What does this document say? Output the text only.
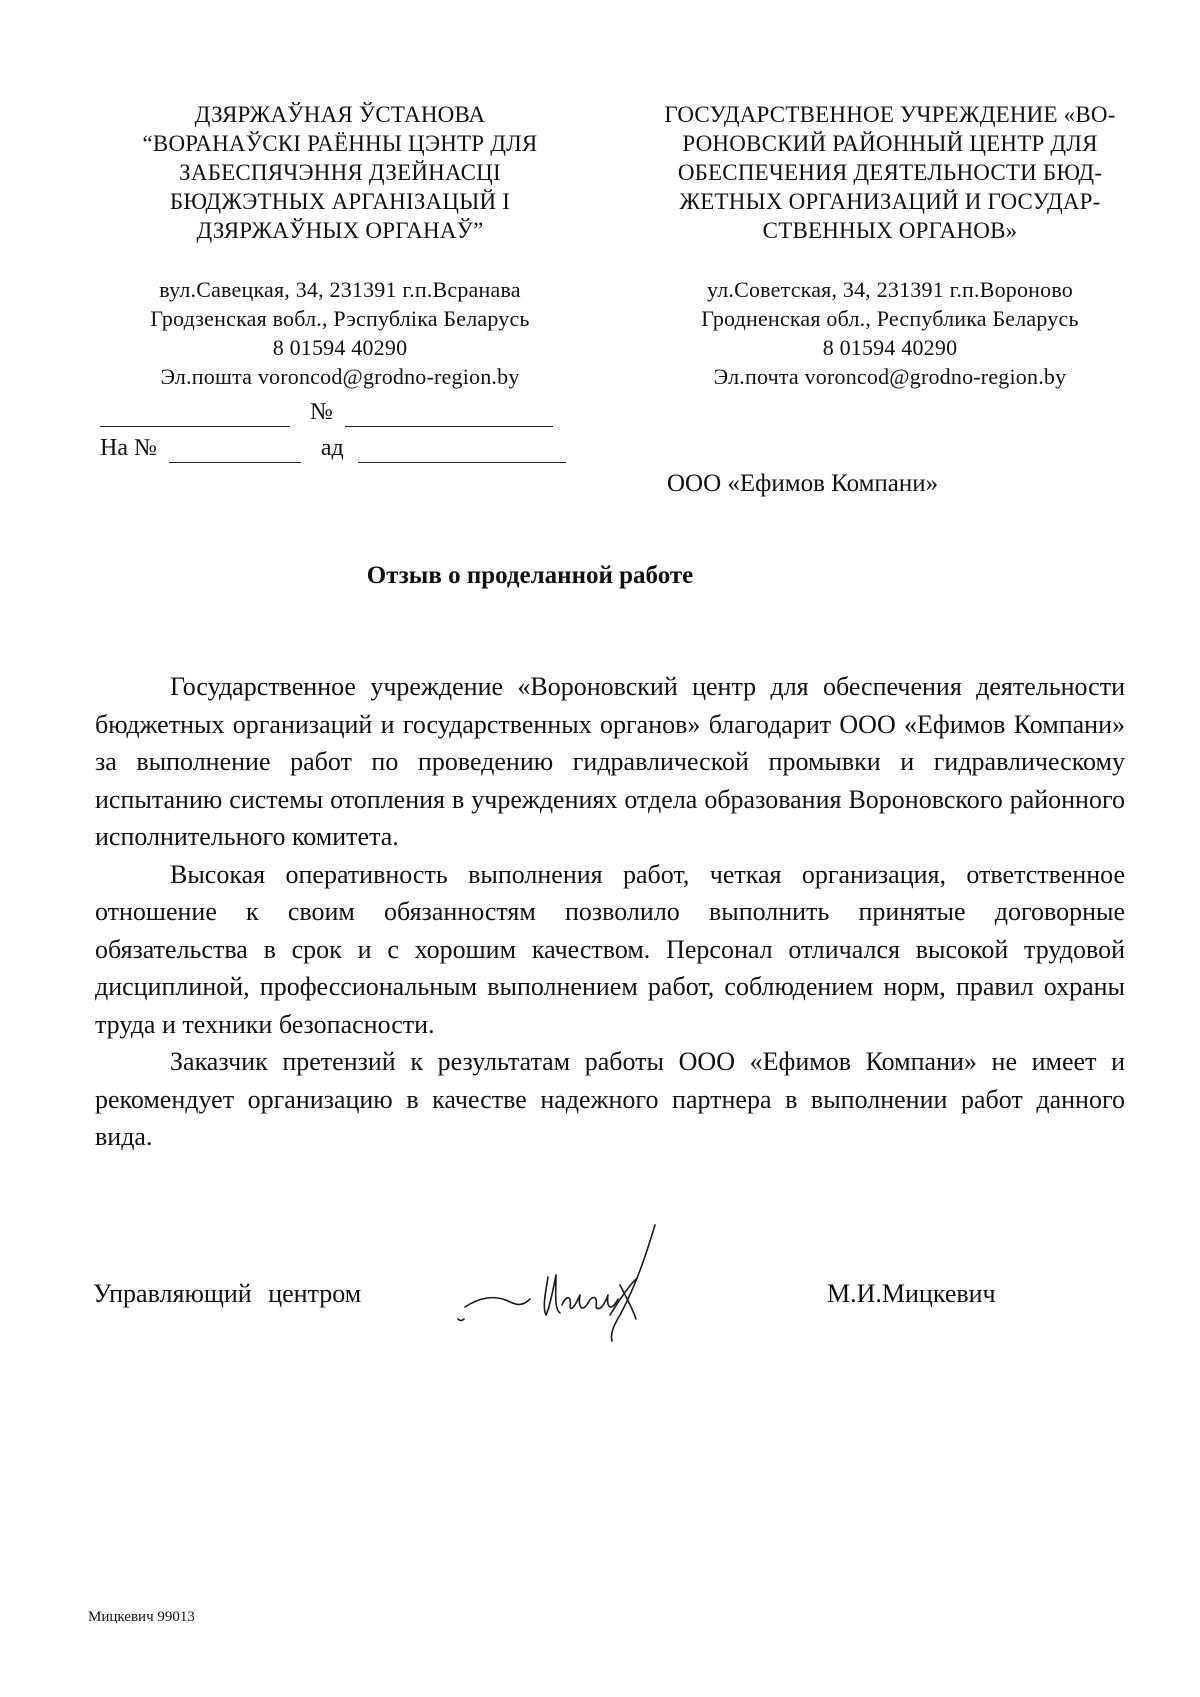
ДЗЯРЖАЎНАЯ ЎСТАНОВА
“ВОРАНАЎСКІ РАЁННЫ ЦЭНТР ДЛЯ
ЗАБЕСПЯЧЭННЯ ДЗЕЙНАСЦІ
БЮДЖЭТНЫХ АРГАНІЗАЦЫЙ І
ДЗЯРЖАЎНЫХ ОРГАНАЎ”
вул.Савецкая, 34, 231391 г.п.Всранава
Гродзенская вобл., Рэспубліка Беларусь
8 01594 40290
Эл.пошта voroncod@grodno-region.by
ГОСУДАРСТВЕННОЕ УЧРЕЖДЕНИЕ «ВО-
РОНОВСКИЙ РАЙОННЫЙ ЦЕНТР ДЛЯ
ОБЕСПЕЧЕНИЯ ДЕЯТЕЛЬНОСТИ БЮД-
ЖЕТНЫХ ОРГАНИЗАЦИЙ И ГОСУДАР-
СТВЕННЫХ ОРГАНОВ»
ул.Советская, 34, 231391 г.п.Вороново
Гродненская обл., Республика Беларусь
8 01594 40290
Эл.почта voroncod@grodno-region.by
№
На №	ад
ООО «Ефимов Компани»
Отзыв о проделанной работе

Государственное учреждение «Вороновский центр для обеспечения деятельности бюджетных организаций и государственных органов» благодарит ООО «Ефимов Компани» за выполнение работ по проведению гидравлической промывки и гидравлическому испытанию системы отопления в учреждениях отдела образования Вороновского районного исполнительного комитета.

Высокая оперативность выполнения работ, четкая организация, ответственное отношение к своим обязанностям позволило выполнить принятые договорные обязательства в срок и с хорошим качеством. Персонал отличался высокой трудовой дисциплиной, профессиональным выполнением работ, соблюдением норм, правил охраны труда и техники безопасности.

Заказчик претензий к результатам работы ООО «Ефимов Компани» не имеет и рекомендует организацию в качестве надежного партнера в выполнении работ данного вида.

Управляющий центром	М.И.Мицкевич
Мицкевич 99013
